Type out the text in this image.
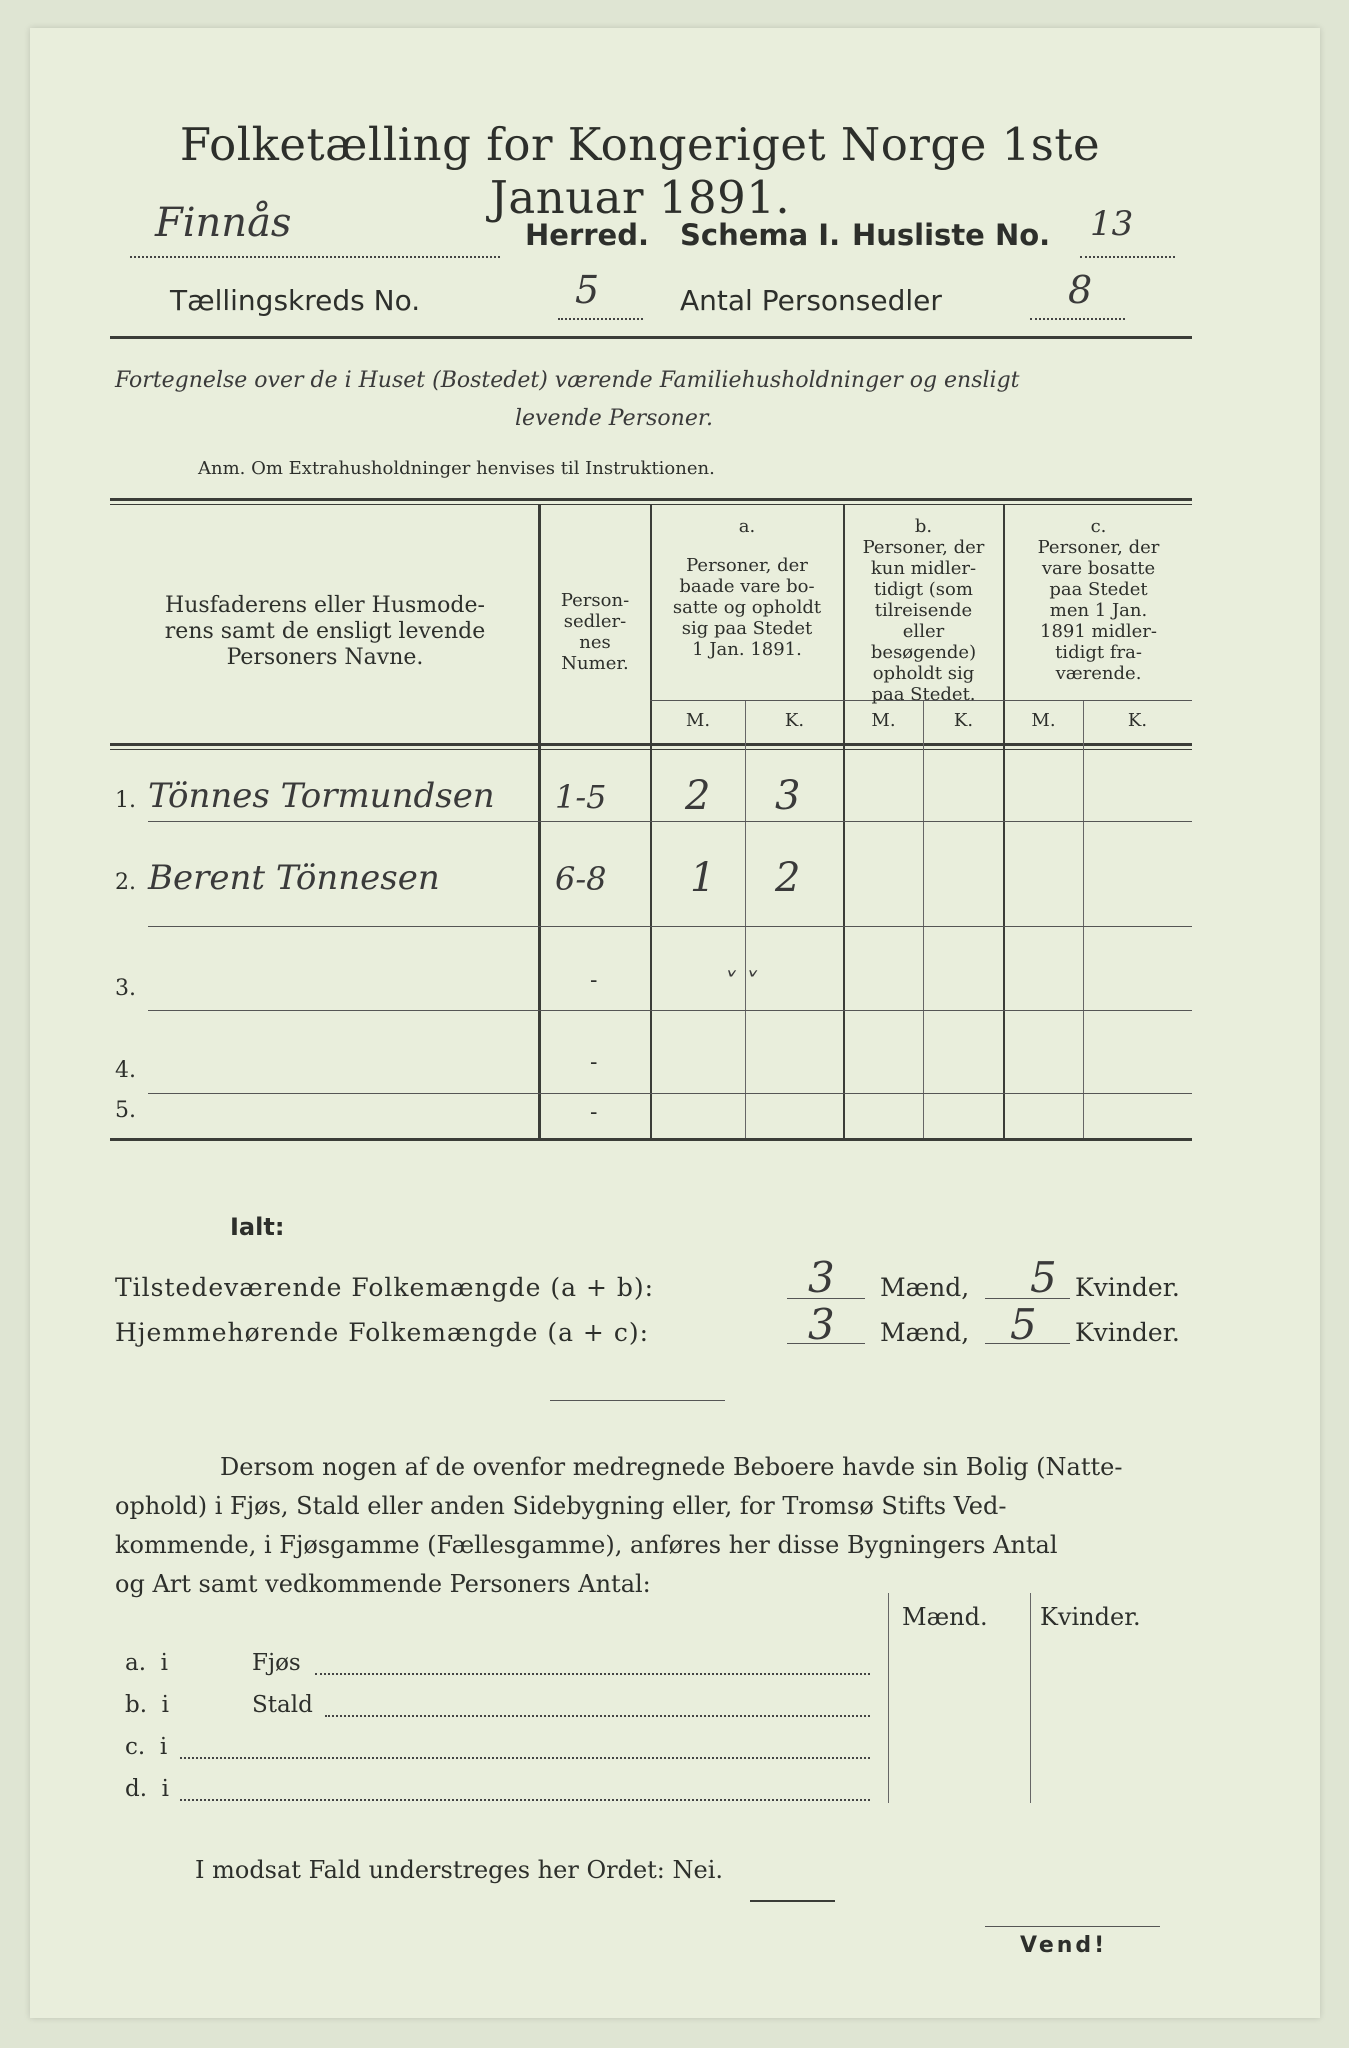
Folketælling for Kongeriget Norge 1ste Januar 1891.
Finnås	Herred. Schema I. Husliste No. 13
Tællingskreds No.	5	Antal Personsedler	8
Fortegnelse over de i Huset (Bostedet) værende Familiehusholdninger og ensligt
levende Personer.
Anm. Om Extrahusholdninger henvises til Instruktionen.
Husfaderens eller Husmode-
rens samt de ensligt levende
Personers Navne.
Person-
sedler-
nes
Numer.
a.
Personer, der
baade vare bo-
satte og opholdt
sig paa Stedet
1 Jan. 1891.
b.
Personer, der
kun midler-
tidigt (som
tilreisende
eller
besøgende)
opholdt sig
paa Stedet.
c.
Personer, der
vare bosatte
paa Stedet
men 1 Jan.
1891 midler-
tidigt fra-
værende.
M.	K.	M.	K.	M.	K.
1. Tönnes Tormundsen 1-5 2 3
2. Berent Tönnesen	6-8 1 2
3.	-	˅ ˅
4.	-
5.	-
Ialt:
Tilstedeværende Folkemængde (a + b):	3 Mænd, 5 Kvinder.
Hjemmehørende Folkemængde (a + c):	3 Mænd, 5 Kvinder.
Dersom nogen af de ovenfor medregnede Beboere havde sin Bolig (Natte-
ophold) i Fjøs, Stald eller anden Sidebygning eller, for Tromsø Stifts Ved-
kommende, i Fjøsgamme (Fællesgamme), anføres her disse Bygningers Antal
og Art samt vedkommende Personers Antal:
Mænd. Kvinder.
a. i	Fjøs
b. i	Stald
c. i
d. i
I modsat Fald understreges her Ordet: Nei.
Vend!
